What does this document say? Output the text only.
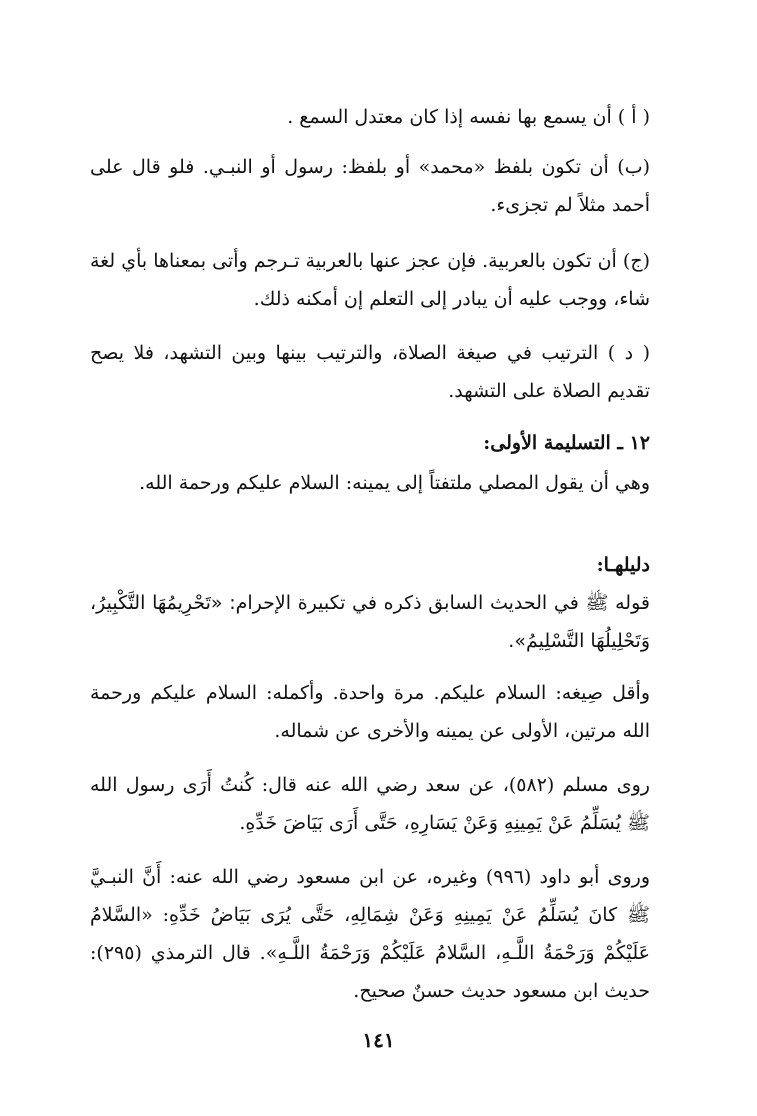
( أ ) أن يسمع بها نفسه إذا كان معتدل السمع .
(ب) أن تكون بلفظ «محمد» أو بلفظ: رسول أو النبـي. فلو قال على أحمد مثلاً لم تجزىء.
(ج) أن تكون بالعربية. فإن عجز عنها بالعربية تـرجم وأتى بمعناها بأي لغة شاء، ووجب عليه أن يبادر إلى التعلم إن أمكنه ذلك.
( د ) الترتيب في صيغة الصلاة، والترتيب بينها وبين التشهد، فلا يصح تقديم الصلاة على التشهد.
١٢ ـ التسليمة الأولى:
وهي أن يقول المصلي ملتفتاً إلى يمينه: السلام عليكم ورحمة الله.
دليلهـا:
قوله ﷺ في الحديث السابق ذكره في تكبيرة الإحرام: «تَحْرِيمُهَا التَّكْبِيرُ، وَتَحْلِيلُهَا التَّسْلِيمُ».
وأقل صِيغه: السلام عليكم. مرة واحدة. وأكمله: السلام عليكم ورحمة الله مرتين، الأولى عن يمينه والأخرى عن شماله.
روى مسلم (٥٨٢)، عن سعد رضي الله عنه قال: كُنتُ أَرَى رسول الله ﷺ يُسَلِّمُ عَنْ يَمِينِهِ وَعَنْ يَسَارِهِ، حَتَّى أَرَى بَيَاضَ خَدِّهِ.
وروى أبو داود (٩٩٦) وغيره، عن ابن مسعود رضي الله عنه: أَنَّ النبـيَّ ﷺ كانَ يُسَلِّمُ عَنْ يَمِينِهِ وَعَنْ شِمَالِهِ، حَتَّى يُرَى بَيَاضُ خَدِّهِ: «السَّلامُ عَلَيْكُمْ وَرَحْمَةُ اللَّـهِ، السَّلامُ عَلَيْكُمْ وَرَحْمَةُ اللَّـهِ». قال الترمذي (٢٩٥): حديث ابن مسعود حديث حسنٌ صحيح.
١٤١
